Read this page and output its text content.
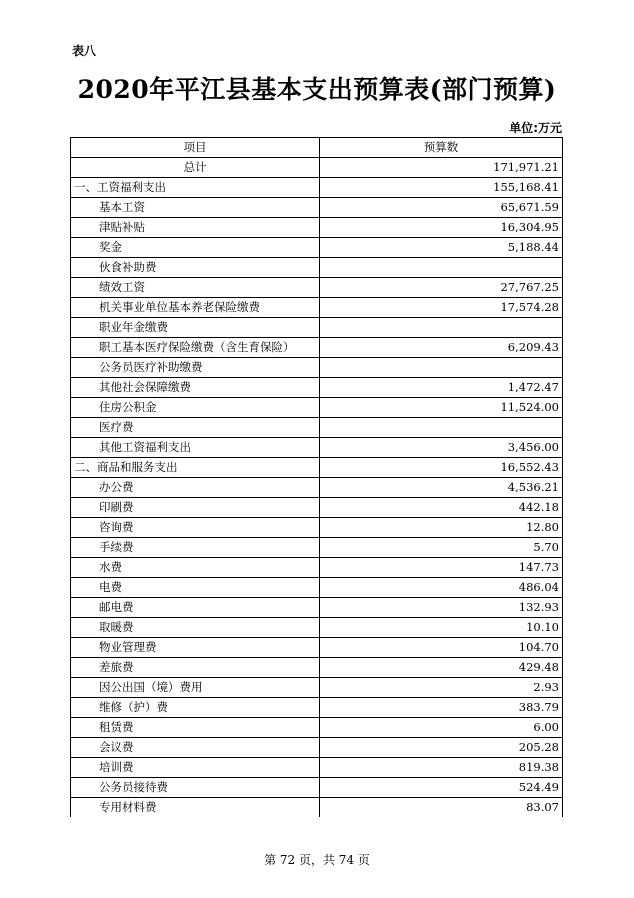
表八
2020年平江县基本支出预算表(部门预算)
单位:万元
项目	预算数
总计	171,971.21
一、工资福利支出	155,168.41
基本工资	65,671.59
津贴补贴	16,304.95
奖金	5,188.44
伙食补助费	
绩效工资	27,767.25
机关事业单位基本养老保险缴费	17,574.28
职业年金缴费	
职工基本医疗保险缴费（含生育保险）	6,209.43
公务员医疗补助缴费	
其他社会保障缴费	1,472.47
住房公积金	11,524.00
医疗费	
其他工资福利支出	3,456.00
二、商品和服务支出	16,552.43
办公费	4,536.21
印刷费	442.18
咨询费	12.80
手续费	5.70
水费	147.73
电费	486.04
邮电费	132.93
取暖费	10.10
物业管理费	104.70
差旅费	429.48
因公出国（境）费用	2.93
维修（护）费	383.79
租赁费	6.00
会议费	205.28
培训费	819.38
公务员接待费	524.49
专用材料费	83.07
第 72 页，共 74 页
